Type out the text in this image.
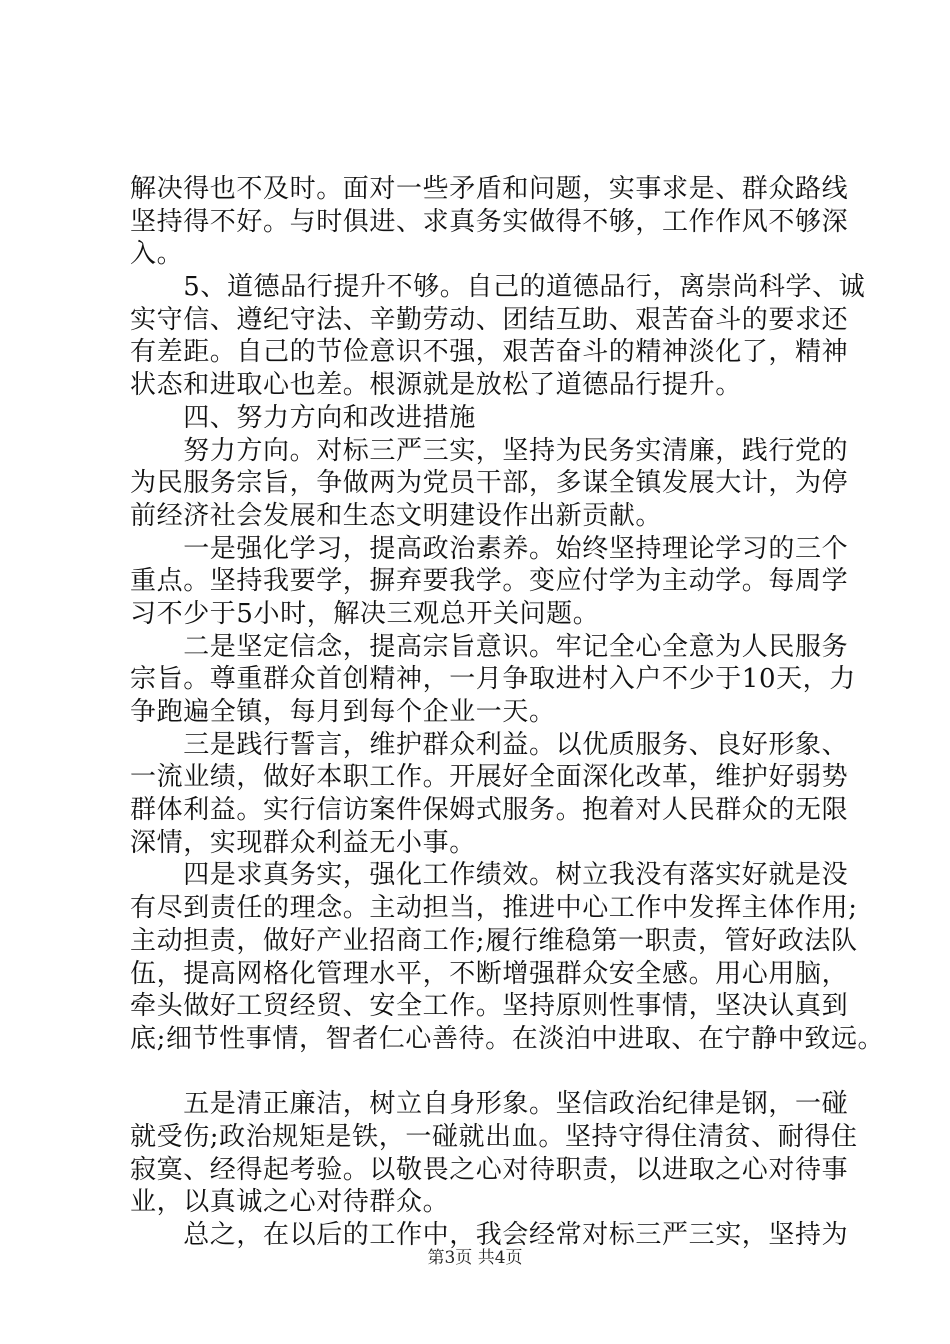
解决得也不及时。面对一些矛盾和问题，实事求是、群众路线
坚持得不好。与时俱进、求真务实做得不够，工作作风不够深
入。
　　5、道德品行提升不够。自己的道德品行，离崇尚科学、诚
实守信、遵纪守法、辛勤劳动、团结互助、艰苦奋斗的要求还
有差距。自己的节俭意识不强，艰苦奋斗的精神淡化了，精神
状态和进取心也差。根源就是放松了道德品行提升。
　　四、努力方向和改进措施
　　努力方向。对标三严三实，坚持为民务实清廉，践行党的
为民服务宗旨，争做两为党员干部，多谋全镇发展大计，为停
前经济社会发展和生态文明建设作出新贡献。
　　一是强化学习，提高政治素养。始终坚持理论学习的三个
重点。坚持我要学，摒弃要我学。变应付学为主动学。每周学
习不少于5小时，解决三观总开关问题。
　　二是坚定信念，提高宗旨意识。牢记全心全意为人民服务
宗旨。尊重群众首创精神，一月争取进村入户不少于10天，力
争跑遍全镇，每月到每个企业一天。
　　三是践行誓言，维护群众利益。以优质服务、良好形象、
一流业绩，做好本职工作。开展好全面深化改革，维护好弱势
群体利益。实行信访案件保姆式服务。抱着对人民群众的无限
深情，实现群众利益无小事。
　　四是求真务实，强化工作绩效。树立我没有落实好就是没
有尽到责任的理念。主动担当，推进中心工作中发挥主体作用;
主动担责，做好产业招商工作;履行维稳第一职责，管好政法队
伍，提高网格化管理水平，不断增强群众安全感。用心用脑，
牵头做好工贸经贸、安全工作。坚持原则性事情，坚决认真到
底;细节性事情，智者仁心善待。在淡泊中进取、在宁静中致远。
　　五是清正廉洁，树立自身形象。坚信政治纪律是钢，一碰
就受伤;政治规矩是铁，一碰就出血。坚持守得住清贫、耐得住
寂寞、经得起考验。以敬畏之心对待职责，以进取之心对待事
业，以真诚之心对待群众。
　　总之，在以后的工作中，我会经常对标三严三实，坚持为
第3页 共4页
